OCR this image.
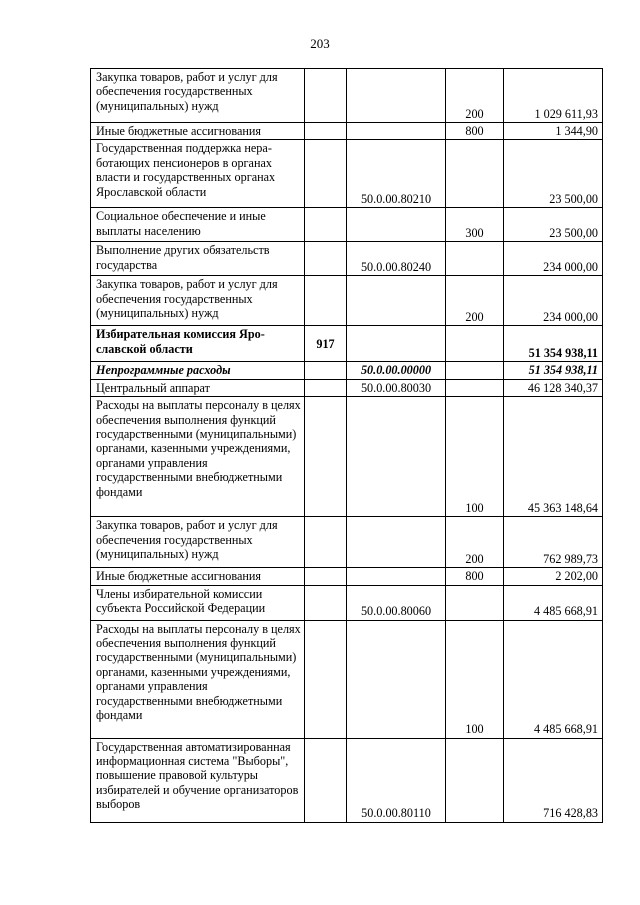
203
Закупка товаров, работ и услуг для обеспечения государственных (муниципальных) нужд			200	1 029 611,93
Иные бюджетные ассигнования			800	1 344,90
Государственная поддержка неработающих пенсионеров в органах власти и государственных органах Ярославской области		50.0.00.80210		23 500,00
Социальное обеспечение и иные выплаты населению			300	23 500,00
Выполнение других обязательств государства		50.0.00.80240		234 000,00
Закупка товаров, работ и услуг для обеспечения государственных (муниципальных) нужд			200	234 000,00
Избирательная комиссия Ярославской области	917			51 354 938,11
Непрограммные расходы		50.0.00.00000		51 354 938,11
Центральный аппарат		50.0.00.80030		46 128 340,37
Расходы на выплаты персоналу в целях обеспечения выполнения функций государственными (муниципальными) органами, казенными учреждениями, органами управления государственными внебюджетными фондами			100	45 363 148,64
Закупка товаров, работ и услуг для обеспечения государственных (муниципальных) нужд			200	762 989,73
Иные бюджетные ассигнования			800	2 202,00
Члены избирательной комиссии субъекта Российской Федерации		50.0.00.80060		4 485 668,91
Расходы на выплаты персоналу в целях обеспечения выполнения функций государственными (муниципальными) органами, казенными учреждениями, органами управления государственными внебюджетными фондами			100	4 485 668,91
Государственная автоматизированная информационная система "Выборы", повышение правовой культуры избирателей и обучение организаторов выборов		50.0.00.80110		716 428,83
